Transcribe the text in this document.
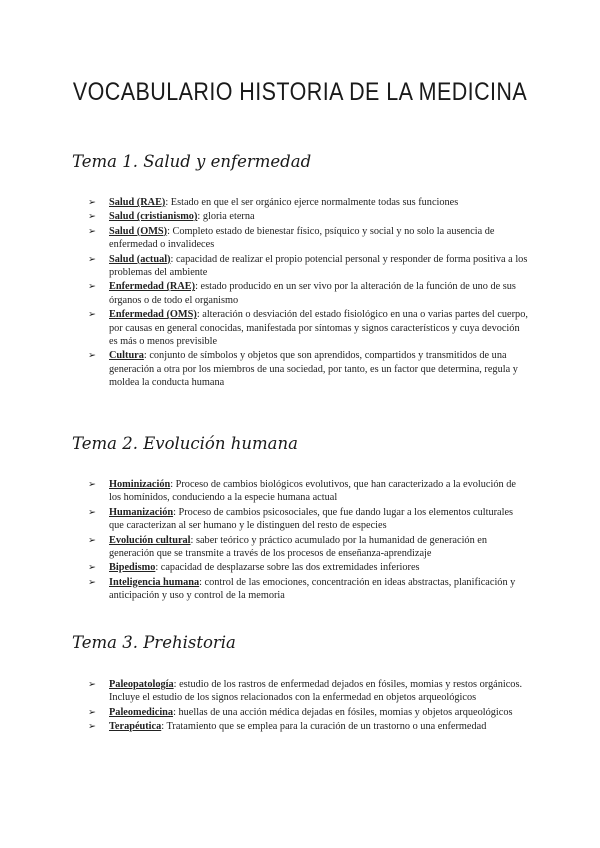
VOCABULARIO HISTORIA DE LA MEDICINA
Tema 1. Salud y enfermedad
➢ Salud (RAE): Estado en que el ser orgánico ejerce normalmente todas sus funciones
➢ Salud (cristianismo): gloria eterna
➢ Salud (OMS): Completo estado de bienestar físico, psíquico y social y no solo la ausencia de enfermedad o invalideces
➢ Salud (actual): capacidad de realizar el propio potencial personal y responder de forma positiva a los problemas del ambiente
➢ Enfermedad (RAE): estado producido en un ser vivo por la alteración de la función de uno de sus órganos o de todo el organismo
➢ Enfermedad (OMS): alteración o desviación del estado fisiológico en una o varias partes del cuerpo, por causas en general conocidas, manifestada por síntomas y signos característicos y cuya devoción es más o menos previsible
➢ Cultura: conjunto de símbolos y objetos que son aprendidos, compartidos y transmitidos de una generación a otra por los miembros de una sociedad, por tanto, es un factor que determina, regula y moldea la conducta humana
Tema 2. Evolución humana
➢ Hominización: Proceso de cambios biológicos evolutivos, que han caracterizado a la evolución de los homínidos, conduciendo a la especie humana actual
➢ Humanización: Proceso de cambios psicosociales, que fue dando lugar a los elementos culturales que caracterizan al ser humano y le distinguen del resto de especies
➢ Evolución cultural: saber teórico y práctico acumulado por la humanidad de generación en generación que se transmite a través de los procesos de enseñanza-aprendizaje
➢ Bipedismo: capacidad de desplazarse sobre las dos extremidades inferiores
➢ Inteligencia humana: control de las emociones, concentración en ideas abstractas, planificación y anticipación y uso y control de la memoria
Tema 3. Prehistoria
➢ Paleopatología: estudio de los rastros de enfermedad dejados en fósiles, momias y restos orgánicos. Incluye el estudio de los signos relacionados con la enfermedad en objetos arqueológicos
➢ Paleomedicina: huellas de una acción médica dejadas en fósiles, momias y objetos arqueológicos
➢ Terapéutica: Tratamiento que se emplea para la curación de un trastorno o una enfermedad
